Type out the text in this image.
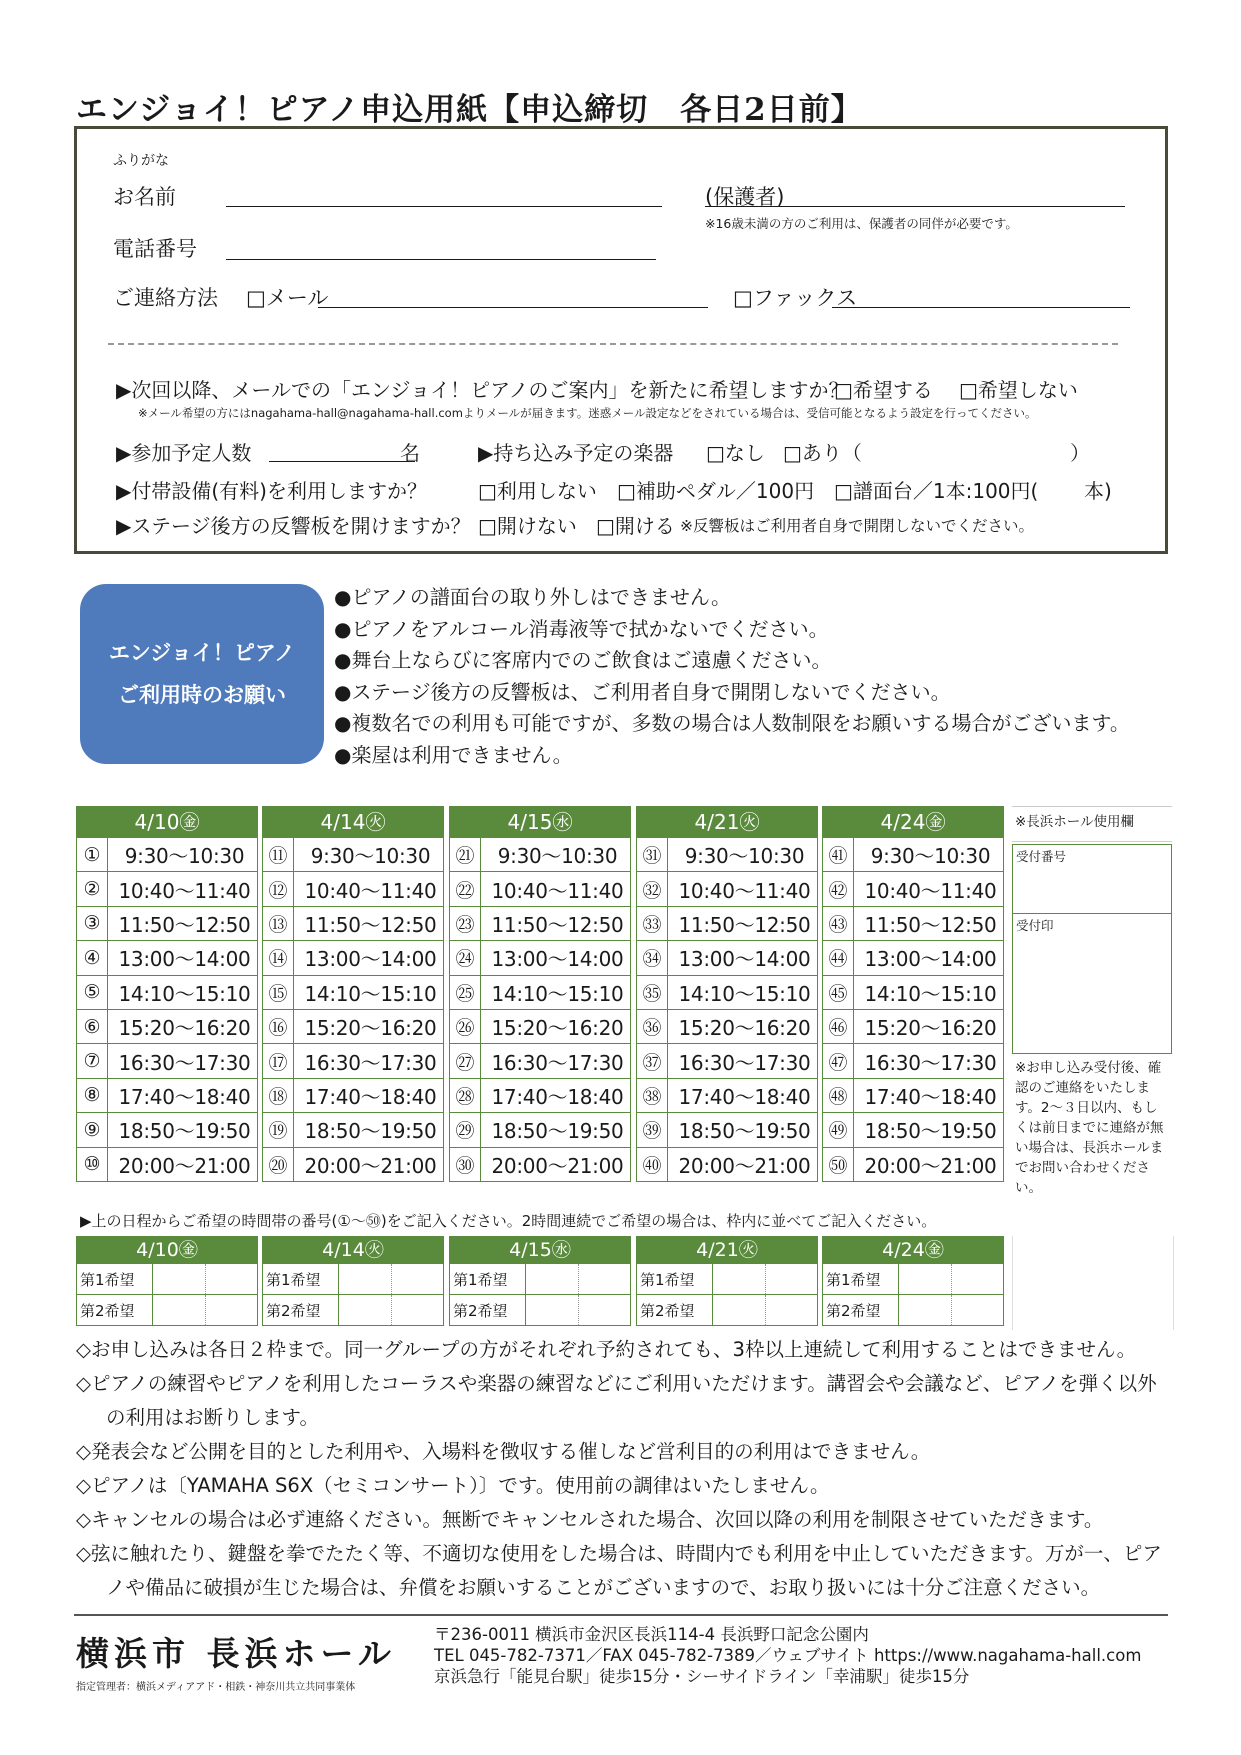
エンジョイ！ピアノ申込用紙【申込締切　各日2日前】
ふりがな
お名前	(保護者)
※16歳未満の方のご利用は、保護者の同伴が必要です。
電話番号
ご連絡方法 □メール	□ファックス
▶次回以降、メールでの「エンジョイ！ピアノのご案内」を新たに希望しますか？
□希望する □希望しない
※メール希望の方にはnagahama-hall@nagahama-hall.comよりメールが届きます。迷惑メール設定などをされている場合は、受信可能となるよう設定を行ってください。
▶参加予定人数	名	▶持ち込み予定の楽器 □なし □あり（	）
▶付帯設備(有料)を利用しますか？	□利用しない □補助ペダル／100円 □譜面台／1本:100円( 本)
▶ステージ後方の反響板を開けますか？ □開けない □開ける ※反響板はご利用者自身で開閉しないでください。
エンジョイ！ピアノ
ご利用時のお願い
●ピアノの譜面台の取り外しはできません。
●ピアノをアルコール消毒液等で拭かないでください。
●舞台上ならびに客席内でのご飲食はご遠慮ください。
●ステージ後方の反響板は、ご利用者自身で開閉しないでください。
●複数名での利用も可能ですが、多数の場合は人数制限をお願いする場合がございます。
●楽屋は利用できません。
4/10㊎
①	9:30～10:30
② 10:40～11:40
③ 11:50～12:50
④ 13:00～14:00
⑤ 14:10～15:10
⑥ 15:20～16:20
⑦ 16:30～17:30
⑧ 17:40～18:40
⑨ 18:50～19:50
⑩ 20:00～21:00
4/14㊋
⑪	9:30～10:30
⑫ 10:40～11:40
⑬ 11:50～12:50
⑭ 13:00～14:00
⑮ 14:10～15:10
⑯ 15:20～16:20
⑰ 16:30～17:30
⑱ 17:40～18:40
⑲ 18:50～19:50
⑳ 20:00～21:00
4/15㊌
㉑	9:30～10:30
㉒ 10:40～11:40
㉓ 11:50～12:50
㉔ 13:00～14:00
㉕ 14:10～15:10
㉖ 15:20～16:20
㉗ 16:30～17:30
㉘ 17:40～18:40
㉙ 18:50～19:50
㉚ 20:00～21:00
4/21㊋
㉛	9:30～10:30
㉜ 10:40～11:40
㉝ 11:50～12:50
㉞ 13:00～14:00
㉟ 14:10～15:10
㊱ 15:20～16:20
㊲ 16:30～17:30
㊳ 17:40～18:40
㊴ 18:50～19:50
㊵ 20:00～21:00
4/24㊎
㊶	9:30～10:30
㊷ 10:40～11:40
㊸ 11:50～12:50
㊹ 13:00～14:00
㊺ 14:10～15:10
㊻ 15:20～16:20
㊼ 16:30～17:30
㊽ 17:40～18:40
㊾ 18:50～19:50
㊿ 20:00～21:00
※長浜ホール使用欄
受付番号
受付印
※お申し込み受付後、確認のご連絡をいたします。2～３日以内、もしくは前日までに連絡が無い場合は、長浜ホールまでお問い合わせください。
▶上の日程からご希望の時間帯の番号(①～㊿)をご記入ください。2時間連続でご希望の場合は、枠内に並べてご記入ください。
4/10㊎
第1希望
第2希望
4/14㊋
第1希望
第2希望
4/15㊌
第1希望
第2希望
4/21㊋
第1希望
第2希望
4/24㊎
第1希望
第2希望
◇お申し込みは各日２枠まで。同一グループの方がそれぞれ予約されても、3枠以上連続して利用することはできません。
◇ピアノの練習やピアノを利用したコーラスや楽器の練習などにご利用いただけます。講習会や会議など、ピアノを弾く以外の利用はお断りします。
◇発表会など公開を目的とした利用や、入場料を徴収する催しなど営利目的の利用はできません。
◇ピアノは〔YAMAHA S6X（セミコンサート）〕です。使用前の調律はいたしません。
◇キャンセルの場合は必ず連絡ください。無断でキャンセルされた場合、次回以降の利用を制限させていただきます。
◇弦に触れたり、鍵盤を拳でたたく等、不適切な使用をした場合は、時間内でも利用を中止していただきます。万が一、ピアノや備品に破損が生じた場合は、弁償をお願いすることがございますので、お取り扱いには十分ご注意ください。
横浜市 長浜ホール
指定管理者：横浜メディアアド・相鉄・神奈川共立共同事業体
〒236-0011 横浜市金沢区長浜114-4 長浜野口記念公園内
TEL 045-782-7371／FAX 045-782-7389／ウェブサイト https://www.nagahama-hall.com
京浜急行「能見台駅」徒歩15分・シーサイドライン「幸浦駅」徒歩15分
